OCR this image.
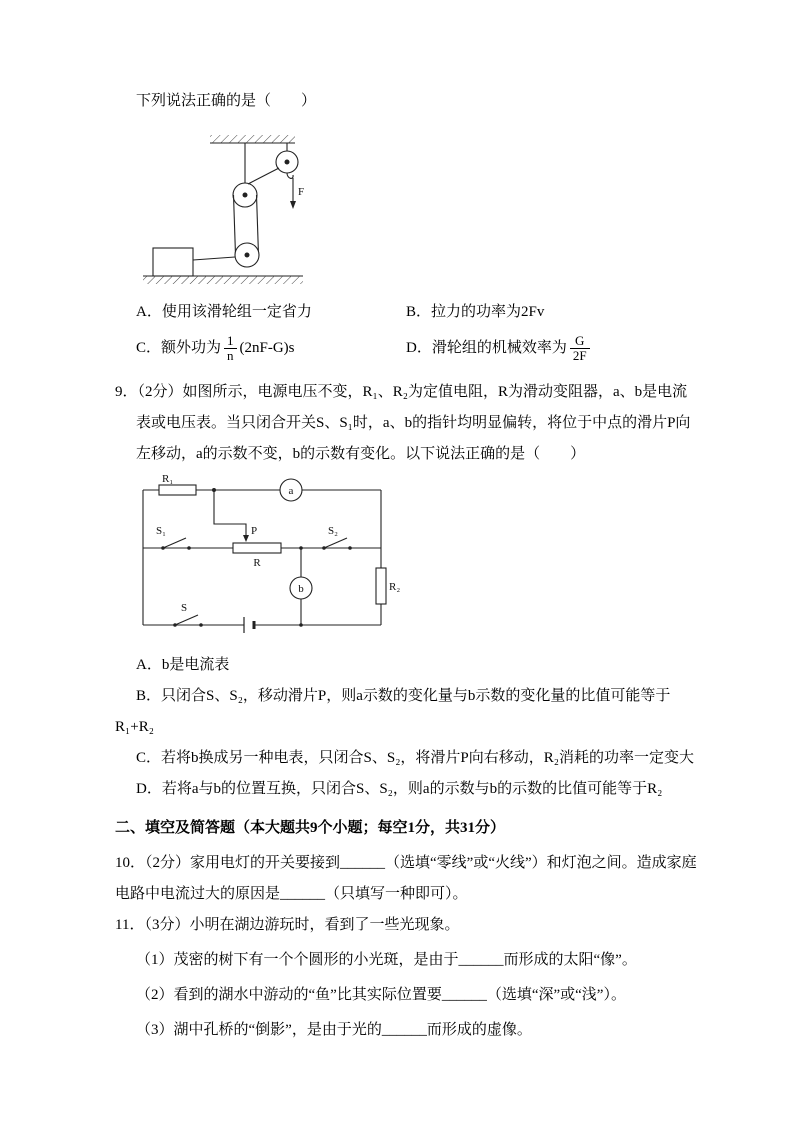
下列说法正确的是（　　）
F
A．使用该滑轮组一定省力	B．拉力的功率为2Fv
C．额外功为 $\frac{1}{n} (2nF-G)s$	D．滑轮组的机械效率为 $\frac{G}{2F}$
9．（2分）如图所示，电源电压不变，R₁、R₂为定值电阻，R为滑动变阻器，a、b是电流表或电压表。当只闭合开关S、S₁时，a、b的指针均明显偏转，将位于中点的滑片P向左移动，a的示数不变，b的示数有变化。以下说法正确的是（　　）
R₁
a
P
R
S₁	S₂
b	R₂
S
A．b是电流表
B．只闭合S、S₂，移动滑片P，则a示数的变化量与b示数的变化量的比值可能等于R₁+R₂
C．若将b换成另一种电表，只闭合S、S₂，将滑片P向右移动，R₂消耗的功率一定变大
D．若将a与b的位置互换，只闭合S、S₂，则a的示数与b的示数的比值可能等于R₂
二、填空及简答题（本大题共9个小题；每空1分，共31分）
10．（2分）家用电灯的开关要接到______（选填“零线”或“火线”）和灯泡之间。造成家庭电路中电流过大的原因是______（只填写一种即可）。
11．（3分）小明在湖边游玩时，看到了一些光现象。
（1）茂密的树下有一个个圆形的小光斑，是由于______而形成的太阳“像”。
（2）看到的湖水中游动的“鱼”比其实际位置要______（选填“深”或“浅”）。
（3）湖中孔桥的“倒影”，是由于光的______而形成的虚像。
